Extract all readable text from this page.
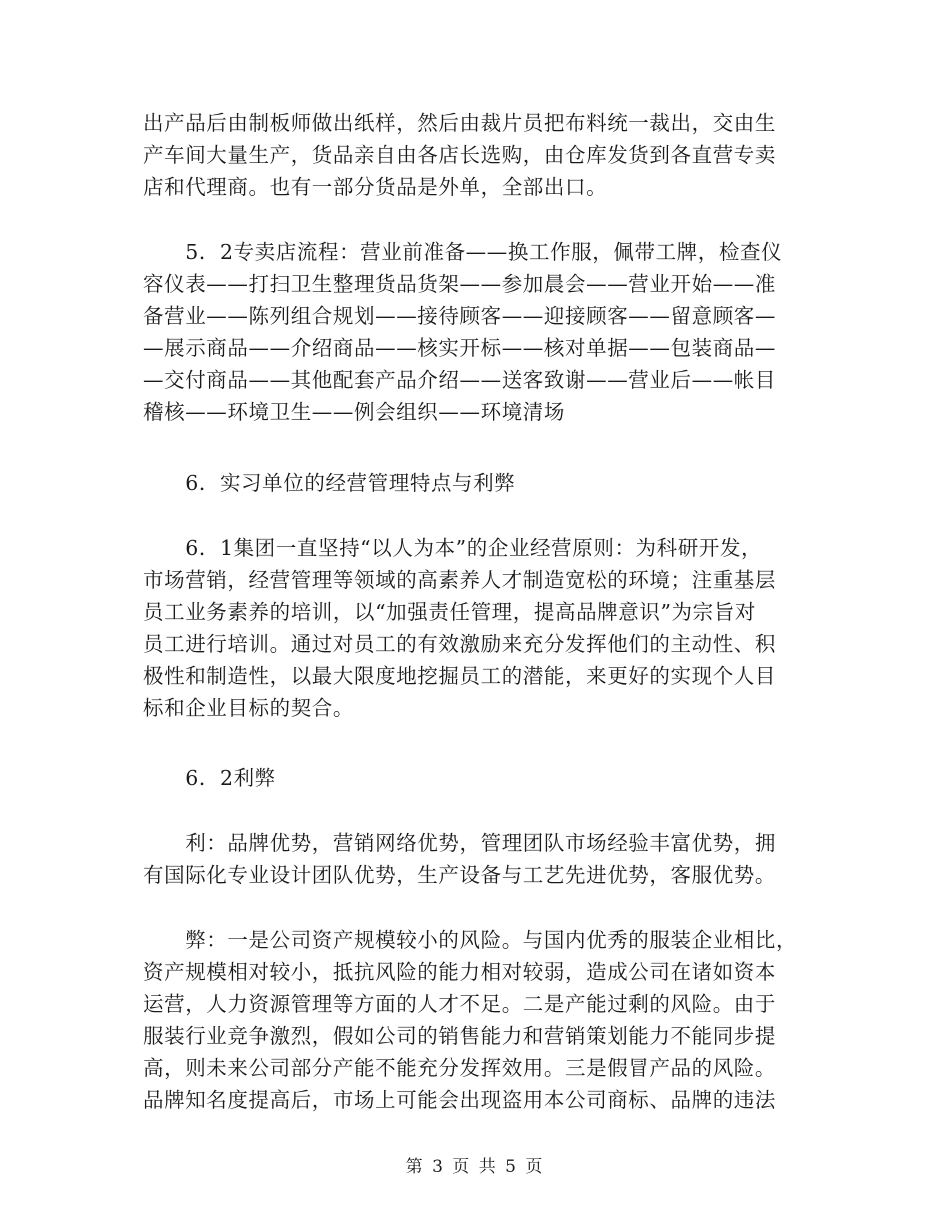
出产品后由制板师做出纸样，然后由裁片员把布料统一裁出，交由生
产车间大量生产，货品亲自由各店长选购，由仓库发货到各直营专卖
店和代理商。也有一部分货品是外单，全部出口。
　　5．2专卖店流程：营业前准备——换工作服，佩带工牌，检查仪
容仪表——打扫卫生整理货品货架——参加晨会——营业开始——准
备营业——陈列组合规划——接待顾客——迎接顾客——留意顾客—
—展示商品——介绍商品——核实开标——核对单据——包装商品—
—交付商品——其他配套产品介绍——送客致谢——营业后——帐目
稽核——环境卫生——例会组织——环境清场
　　6．实习单位的经营管理特点与利弊
　　6．1集团一直坚持“以人为本”的企业经营原则：为科研开发，
市场营销，经营管理等领域的高素养人才制造宽松的环境；注重基层
员工业务素养的培训，以“加强责任管理，提高品牌意识”为宗旨对
员工进行培训。通过对员工的有效激励来充分发挥他们的主动性、积
极性和制造性，以最大限度地挖掘员工的潜能，来更好的实现个人目
标和企业目标的契合。
　　6．2利弊
　　利：品牌优势，营销网络优势，管理团队市场经验丰富优势，拥
有国际化专业设计团队优势，生产设备与工艺先进优势，客服优势。
　　弊：一是公司资产规模较小的风险。与国内优秀的服装企业相比，
资产规模相对较小，抵抗风险的能力相对较弱，造成公司在诸如资本
运营，人力资源管理等方面的人才不足。二是产能过剩的风险。由于
服装行业竞争激烈，假如公司的销售能力和营销策划能力不能同步提
高，则未来公司部分产能不能充分发挥效用。三是假冒产品的风险。
品牌知名度提高后，市场上可能会出现盗用本公司商标、品牌的违法
第 3 页 共 5 页
